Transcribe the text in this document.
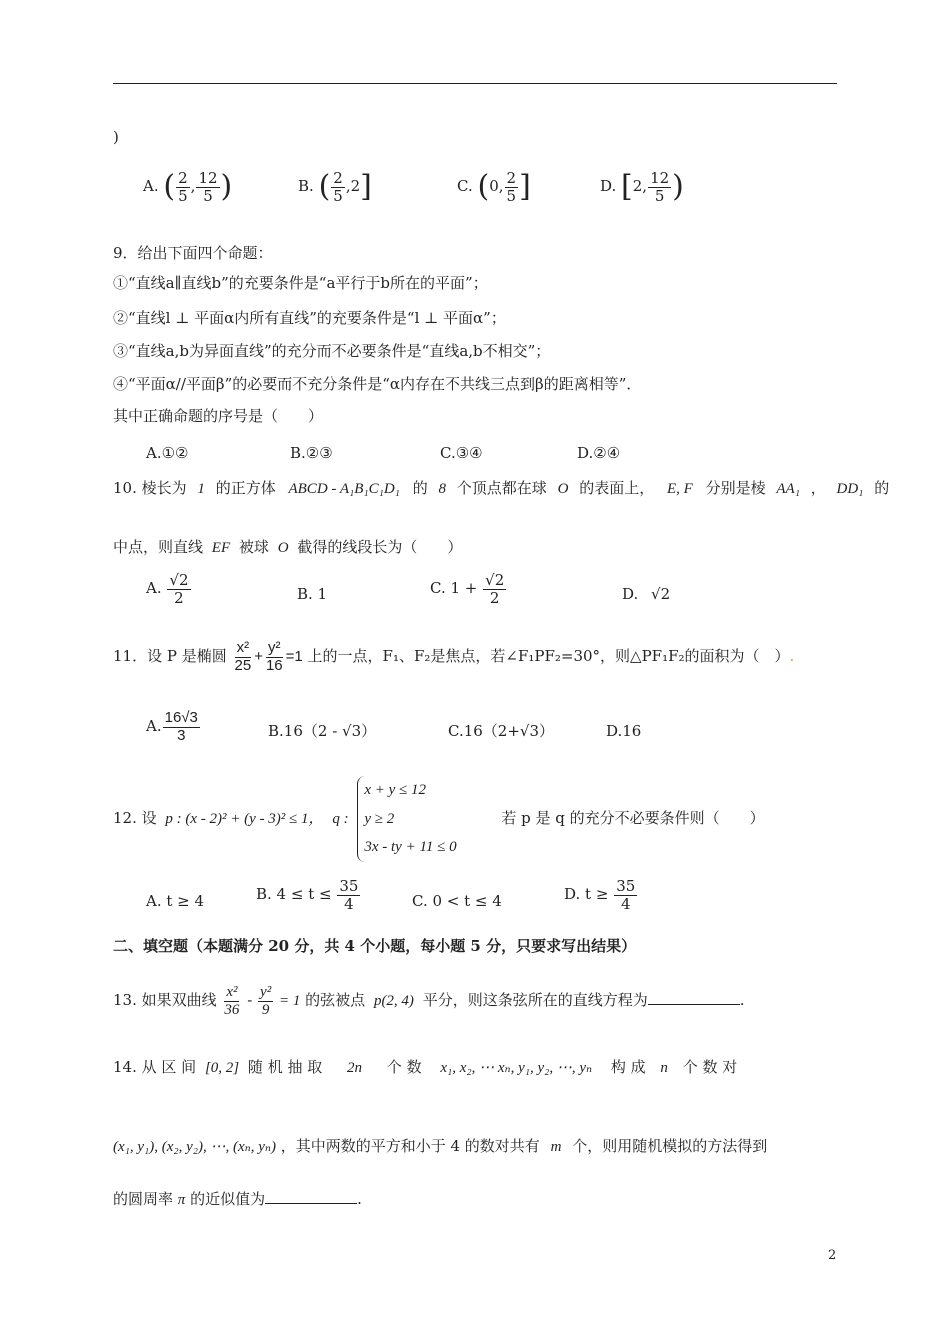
)
A. ( $\frac{2}{5}$ , $\frac{12}{5}$ )	B. ( $\frac{2}{5} ,2$]	C. (0, $\frac{2}{5}$ ]	D. [2, $\frac{12}{5}$ )
9．给出下面四个命题：
①“直线a∥直线b”的充要条件是“a平行于b所在的平面”；
②“直线l ⊥ 平面α内所有直线”的充要条件是“l ⊥ 平面α”；
③“直线a,b为异面直线”的充分而不必要条件是“直线a,b不相交”；
④“平面α//平面β”的必要而不充分条件是“α内存在不共线三点到β的距离相等”．
其中正确命题的序号是（　　）
A.①②	B.②③	C.③④	D.②④
10. 棱长为 1 的正方体 ABCD - A₁B₁C₁D₁ 的 8 个顶点都在球 O 的表面上， E, F 分别是棱 AA₁ ， DD₁ 的
中点，则直线 EF 被球 O 截得的线段长为（　　）
A. $\frac{√2}{2}$	B. 1	C. $1 + \frac{√2}{2}$	D. √2
11．设 P 是椭圆 $\frac{\text{x²}}{25} + \frac{\text{y²}}{16} =1$ 上的一点，F₁、F₂是焦点，若∠F₁PF₂=30°，则△PF₁F₂的面积为（　）.
A. $\frac{16√3}{3}$	B.16（2 - √3）	C.16（2+√3）	D.16
12. 设 p : (x - 2)² + (y - 3)² ≤ 1， q :
x + y ≤ 12
y ≥ 2
3x - ty + 11 ≤ 0
若 p 是 q 的充分不必要条件则（　　）
A. t ≥ 4	B. $4 \le t \le \frac{35}{4}$	C. 0 < t ≤ 4	D. $t \ge \frac{35}{4}$
二、填空题（本题满分 20 分，共 4 个小题，每小题 5 分，只要求写出结果）
13. 如果双曲线 $\frac{\text{x²}}{36} - \frac{\text{y²}}{9} = 1$ 的弦被点 p(2, 4) 平分，则这条弦所在的直线方程为	.
14. 从 区 间 [0, 2] 随 机 抽 取 2n 个 数 x₁, x₂, ⋯ xₙ, y₁, y₂, ⋯, yₙ 构 成 n 个 数 对
(x₁, y₁), (x₂, y₂), ⋯, (xₙ, yₙ) ，其中两数的平方和小于 4 的数对共有 m 个，则用随机模拟的方法得到
的圆周率 π 的近似值为	.
2
